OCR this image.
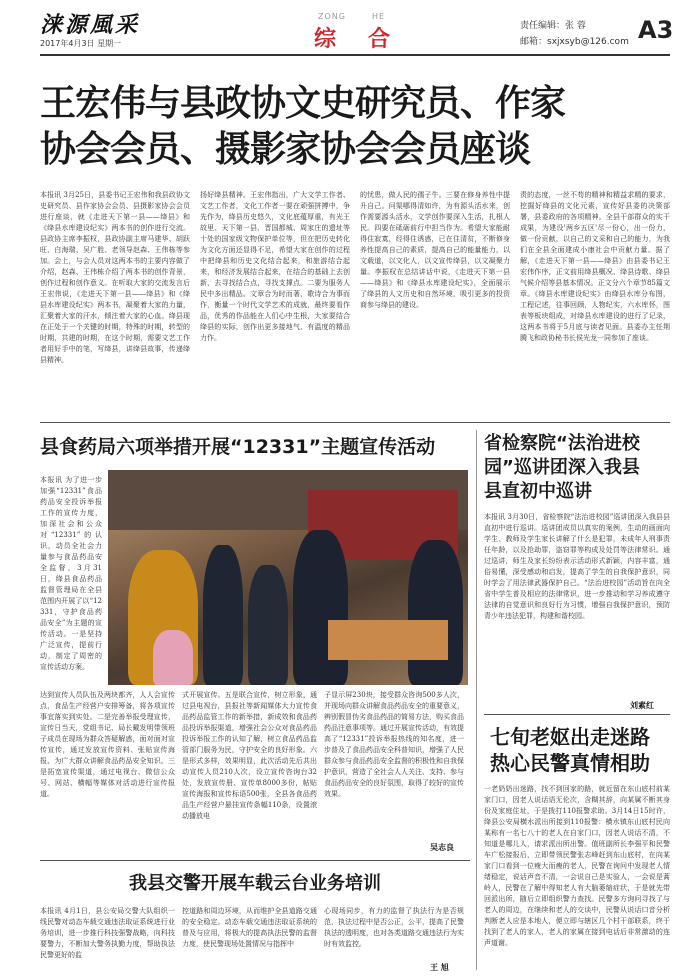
涞源風采
2017年4月3日 星期一
ZONG	HE
综 合
责任编辑：张 蓉
邮箱：sxjxsyb@126.com A3
王宏伟与县政协文史研究员、作家
协会会员、摄影家协会会员座谈
本报讯 3月25日，县委书记王宏伟和我县政协文史研究员、县作家协会会员、县摄影家协会会员进行座谈，就《走进天下第一县——绛县》和《绛县水库建设纪实》两本书的创作进行交流。县政协主席李振权，县政协副主席马建华、胡跃旺、白海瑞、吴广胜、老领导赵森、王伟栋等参加。会上，与会人员对这两本书的主要内容做了介绍，赵森、王伟栋介绍了两本书的创作背景，创作过程和创作意义。在听取大家的交流发言后王宏伟说，《走进天下第一县——绛县》和《绛县水库建设纪实》两本书，凝聚着大家的力量，汇聚着大家的汗水，倾注着大家的心血。绛县现在正处于一个关键的时期，特殊的时期，转型的时期，共建的时期，在这个时期，需要文艺工作者用好手中的笔，写绛县，讲绛县故事，传递绛县精神。
扬好绛县精神。王宏伟指出，广大文学工作者、文艺工作者，文化工作者一要在顽强拼搏中，争先作为，绛县历史悠久，文化底蕴厚重，有光王故里、天下第一县、晋国都城、周家庄的遗址等十处的国家级文物保护单位等，但在把历史转化为文化方面还显得不足，希望大家在创作的过程中把绛县和历史文化结合起来，和旅游结合起来，和经济发展结合起来，在结合的基础上去创新，去寻找结合点，寻找支撑点。二要为服务人民中多出精品。文章合为时而著，歌诗合为事而作，衡量一个时代文学艺术的成就，最终要看作品，优秀的作品能在人们心中生根，大家要结合绛县的实际，创作出更多接地气、有温度的精品力作。
的忧患，做人民的孺子牛。三要在修身养性中提升自己。问渠哪得清如许，为有源头活水来，创作需要源头活水，文学创作要深入生活，扎根人民。四要在砥砺前行中担当作为。希望大家能耐得住寂寞，经得住诱惑，已在住清贫，不断修身养性提高自己的素质，提高自己的能量能力，以文载道，以文化人，以文宣传绛县，以文凝聚力量。李振权在总结讲话中说，《走进天下第一县——绛县》和《绛县水库建设纪实》，全面展示了绛县的人文历史和自然环境，吸引更多的投资商参与绛县的建设。
责的态度，一丝不苟的精神和精益求精的要求，挖掘好绛县的文化元素，宣传好县委的决策部署，县委政府的各项精神。全县干部群众的实干成果，为建设'两乡五区'尽一份心，出一份力，做一份贡献，以自己的文采和自己的能力，为我们在全县全面建成小康社会中贡献力量。据了解，《走进天下第一县——绛县》由县委书记王宏伟作序，正文前用绛县概况、绛县诗歌、绛县气候介绍等县基本情况。正文分六个章节85篇文章。《绛县水库建设纪实》由绛县水库分布图，工程记述，往事回顾，人物纪实，六水库怀，图表等板块组成，对绛县水库建设的进行了记录，这两本书将于5月底与读者见面。县委办主任荆腾飞和政协秘书长侯光龙一同参加了座谈。
县食药局六项举措开展“12331”主题宣传活动
本报讯 为了进一步加强“12331”食品药品安全投诉举报工作的宣传力度，加深社会和公众对“12331”的认识，动员全社会力量参与食品药品安全监督，3月31日，绛县食品药品监督管理局在全县范围内开展了以“12331，守护食品药品安全”为主题的宣传活动。一是坚持广泛宣传，提前行动，制定了周密的宣传活动方案。
达到宣传人员队伍及两块都齐，人人会宣传点，食品生产经营户安排筹备，将各项宣传事宜落实到实处。二是完善举报受理宣传，宣传日当天，党组书记、局长戴发明带领班子成员在现场为群众答疑解惑，面对面对宣传宣传，通过发放宣传资料、张贴宣传海报、为广大群众讲解食品药品安全知识。三是拓宽宣传渠道，通过电视台、微信公众号、网站、横幅等媒体对活动进行宣传报道。
式开展宣传。五是联合宣传，树立形象，通过县电视台，县报社等新闻媒体大力宣传食品药品监管工作的新举措，新成效和食品药品投诉举报渠道，增强社会公众对食品药品投诉举报工作的认知了解，树立食品药品监管部门服务为民，守护安全的良好形象。六是形式多样，效果明显，此次活动先后共出动宣传人员210人次，设立宣传咨询台32处，发放宣传册、宣传单8000多份，帖贴宣传海报和宣传标语500张，全县各食品药品生产经营户悬挂宣传条幅110条，设置滚动播放电
子显示屏230块，接受群众咨询500多人次，并现场向群众讲解食品药品安全的重要意义，辨别假冒伪劣食品药品的简易方法，购买食品药品注意事项等。通过开展宣传活动，有效提高了“12331”投诉举报热线的知名度，进一步普及了食品药品安全科普知识，增强了人民群众参与食品药品安全监督的积极性和自我保护意识，营造了全社会人人关注、支持、参与食品药品安全的良好氛围，取得了较好的宣传效果。
吴志良
省检察院“法治进校
园”巡讲团深入我县
县直初中巡讲
本报讯 3月30日，省检察院“法治进校园”巡讲团深入我县县直初中进行巡讲。巡讲团成员以真实的案例，生动的画面向学生、教师及学生家长讲解了什么是犯罪，未成年人刑事责任年龄，以及抢劫罪，盗窃罪等构成及处罚等法律常识。通过巡讲，师生及家长纷纷表示活动形式新颖、内容丰富，通俗易懂，深受感动和启发，提高了学生的自我保护意识，同时学会了用法律武器保护自己。“法治进校园”活动旨在向全省中学生普及相应的法律常识，进一步推动和学习养成遵守法律的自觉意识和良好行为习惯，增强自我保护意识，预防青少年违法犯罪，构建和谐校园。
刘素红
七旬老妪出走迷路
热心民警真情相助
一老奶奶出迷路，找不到回家的路，就近留在东山底村前某家门口，因老人说话语无伦次，含糊其辞，向某属不断其身份及家庭住址，于是拨打110报警求助。3月14日15时许，绛县公安局横水派出所接到110报警：横水镇东山底村民向某称有一名七八十的老人在自家门口，因老人说话不清，不知道是哪儿人，请求派出所出警。值班副所长李强平和民警车广松接报后，立即带领民警张志峰赶到东山底村，在向某家门口看到一位瘦大而瘦的老人，民警在询问中发现老人情绪稳定，说话声音不清，一会说自己是实验人，一会说是蒿岭人，民警在了解中得知老人有大脑萎缩症状，于是就先带回派出所，随后立即组织警力查找。民警多方询问寻找了与老人的周边，在继续和老人的交谈中，民警从说话口音分析判断老人应是本地人，便立即与辖区几个村干部联系，终于找到了老人的家人，老人的家属在接到电话后非常激动的连声道谢。
我县交警开展车载云台业务培训
本报讯 4月1日，县公安局交警大队组织一线民警对动态车载交通违法取证系统进行业务培训，进一步推行科技强警战略，向科技要警力，不断加大警务执勤力度，帮助执法民警更好的监
控道路和周边环境，从而维护全县道路交通的安全稳定。动态车载交通违法取证系统的普及与应用，将极大的提高执法民警的监督力度，使民警现场处置情况与指挥中
心现场同步，有力的监督了执法行为是否规范，执法过程中是否公正，公平，提高了民警执法的透明度，也对各类道路交通违法行为实时有效监控。
王 旭
